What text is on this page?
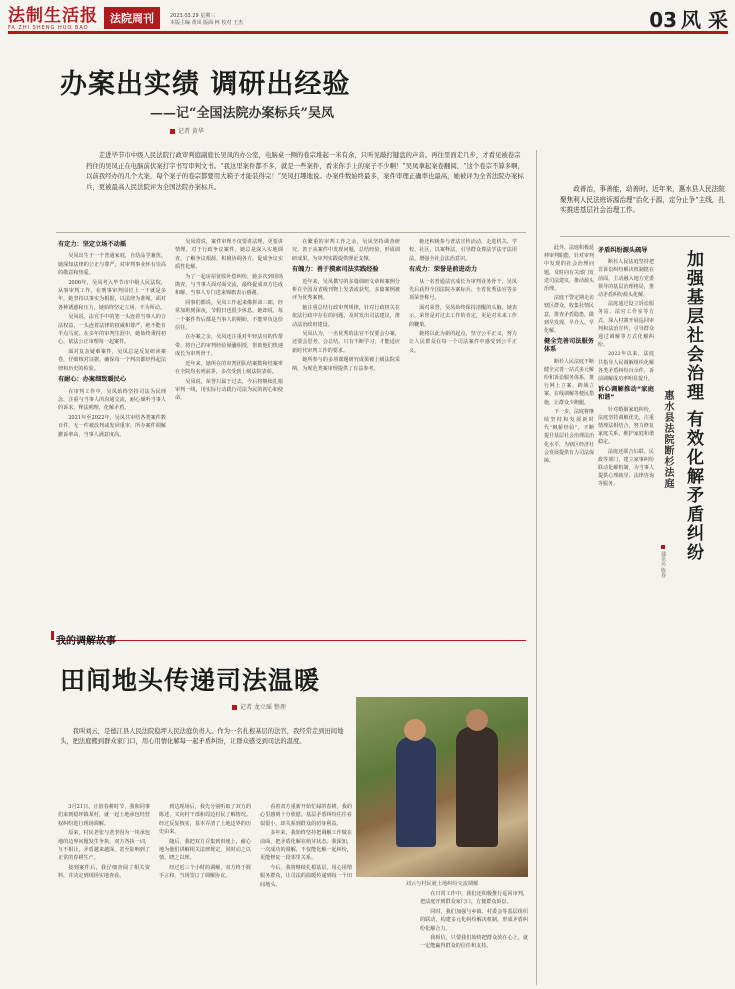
法制生活报
FA ZHI SHENG HUO BAO
法院周刊	2023.03.29 星期三
本版主编 黄凤 版面 柯 校对 王杰	03 风 采
办案出实绩 调研出经验
——记“全国法院办案标兵”吴凤
记者 黄华
走进毕节市中级人民法院行政审判庭副庭长吴凤的办公室，电脑桌一侧的卷宗堆起一米有余，只听见敲打键盘的声音。再往里面走几步，才看见被卷宗挡住的吴凤正在电脑前伏案打字书写审判文书。“我这里案件都不多，就是一些案件，看来你手上的案子不少啊！”吴凤拿起案卷翻阅，“这个卷宗不算多啊，以前我经办的几个大案，每个案子的卷宗都要用大箱子才能装得完！”吴凤打趣地说。办案件数始终最多，案件审理正确率也最高，她被评为全省法院办案标兵，更被最高人民法院评为全国法院办案标兵。
有定力：坚定立场不动摇

吴凤出生于一个普通家庭，自幼品学兼优。她深知法律的公正与尊严，对审判事业怀有崇高的敬意和热爱。

2006年，吴凤考入毕节市中级人民法院，从事审判工作。在刑事审判岗位上一干就是多年，她坚持以事实为根据，以法律为准绳。面对各种诱惑和压力，她始终坚定立场，不为所动。

吴凤说，法官手中的笔一头连着当事人的合法权益，一头连着法律的权威和尊严，绝不能有半点马虎。在多年的审判生涯中，她始终秉持初心，依法公正审理每一起案件。

面对复杂疑难案件，吴凤总是反复研读案卷，仔细核对证据，确保每一个判决都经得起法律和历史的检验。

有耐心：办案细致暖民心

在审判工作中，吴凤始终坚持司法为民理念，注重与当事人的沟通交流，耐心倾听当事人的诉求，释法明理，化解矛盾。

2021年至2022年，吴凤共审结各类案件数百件，无一件被改判或发回重审，所办案件调解撤诉率高，当事人满意度高。

吴凤常说，案件审理不仅要讲法理，更要讲情理。对于行政争议案件，她总是深入实地调查，了解争议根源，积极协调各方，促成争议实质性化解。

为了一起房屋征收补偿纠纷，她多次到现场勘查，与当事人面对面交流，最终促成双方达成和解，当事人专门送来锦旗表示感谢。

同事们都说，吴凤工作起来像拼命三郎，经常加班到深夜，节假日也很少休息。她却说，每一个案件背后都是当事人的期盼，不能辜负这份信任。

在办案之余，吴凤还注重对年轻法官的传帮带，将自己的审判经验倾囊相授，帮助他们快速成长为审判骨干。

近年来，她所在的审判团队结案数和结案率在全院均名列前茅，多次受到上级法院表彰。

吴凤说，荣誉只属于过去，今后将继续扎根审判一线，用实际行动践行司法为民的初心和使命。

在繁重的审判工作之余，吴凤坚持调查研究，善于从案件中发现问题，总结经验，形成调研成果，为审判实践提供理论支撑。

有魄力：善于摸索司法实践经验

近年来，吴凤撰写的多篇调研文章和案例分析在全国及省级刊物上发表或获奖，多篇案例被评为优秀案例。

她注重总结行政审判规律，针对行政机关在依法行政中存在的问题，及时发出司法建议，推动法治政府建设。

吴凤认为，一名优秀的法官不仅要会办案，还要会思考、会总结。只有不断学习，才能适应新时代审判工作的要求。

她所参与的多项课题研究成果被上级法院采纳，为规范类案审理提供了有益参考。

她还积极参与普法宣传活动，走进机关、学校、社区，以案释法，引导群众尊法学法守法用法，增强全社会法治意识。

有成力：荣誉是前进动力

从一名普通法官成长为审判业务骨干，吴凤先后获得全国法院办案标兵、全省优秀法官等多项荣誉称号。

面对荣誉，吴凤始终保持清醒的头脑，她表示，荣誉是对过去工作的肯定，更是对未来工作的鞭策。

她将以此为新的起点，坚守公平正义，努力让人民群众在每一个司法案件中感受到公平正义。

我的调解故事
田间地头传递司法温暖
记者 龙立瑶 整理
我叫刘云，是德江县人民法院稳坪人民法庭负责人。作为一名扎根基层的法官，我经常走到田间地头，把法庭搬到群众家门口，用心用情化解每一起矛盾纠纷，让群众感受到司法的温度。
刘云与村民就土地纠纷交流调解

3月21日，正值春耕时节，我和同事们来到稳坪镇某村，就一起土地承包经营权纠纷进行现场调解。

原来，村民老张与老李因为一块承包地的边界问题发生争执，双方各执一词，互不相让，矛盾越来越深，甚至影响到了正常的春耕生产。

接到案件后，我仔细查阅了相关资料，并决定到现场实地查看。

到达现场后，我先分别听取了双方的陈述，又向村干部和周边村民了解情况。经过反复核实，基本弄清了土地边界的历史由来。

随后，我把双方召集到田埂上，耐心地为他们讲解相关法律规定，同时动之以情、晓之以理。

经过近三个小时的调解，双方终于握手言和，当场签订了调解协议。

看着双方重新开始忙碌的春耕，我的心里感到十分欣慰。基层矛盾纠纷往往看似很小，却关系到群众的切身利益。

多年来，我始终坚持把调解工作做在前面，把矛盾化解在萌芽状态。我深知，一次成功的调解，不仅能化解一起纠纷，更能修复一段邻里关系。

今后，我将继续扎根基层，用心用情服务群众，让司法的温暖传递到每一个田间地头。

在日常工作中，我们还积极推行巡回审判，把法庭开到群众家门口，方便群众诉讼。

同时，我们加强与乡镇、村委会等基层组织的联动，构建多元化纠纷解决机制，形成矛盾纠纷化解合力。

我相信，只要我们始终把群众放在心上，就一定能赢得群众的信任和支持。

政善治，事善能，动善时。近年来，惠水县人民法院聚焦利人民法庭诉源治理“治化于源，定分止争”主线，扎实推进基层社会治理工作。
加强基层社会治理 有效化解矛盾纠纷
惠水县法院断杉法庭
通讯员 陈春
矛盾纠纷源头疏导

断杉人民法庭坚持把非诉讼纠纷解决机制挺在前面，主动融入地方党委领导的基层治理格局，推动矛盾纠纷源头化解。

法庭通过设立诉讼服务站、法官工作室等方式，深入村寨开展巡回审判和法治宣传，引导群众通过调解等方式化解纠纷。

2022年以来，法庭共指导人民调解组织化解各类矛盾纠纷百余件，诉前调解成功率明显提升。

诉心调解推动“家庭和谐”

针对婚姻家庭纠纷，法庭坚持调解优先，注重情理法相结合，努力修复家庭关系，维护家庭和谐稳定。

法庭还联合妇联、民政等部门，建立家事纠纷联动化解机制，为当事人提供心理疏导、法律咨询等服务。

此外，法庭积极延伸审判职能，针对审判中发现的社会治理问题，及时向有关部门发送司法建议，推动源头治理。

法庭干警定期走访辖区群众，收集社情民意，排查矛盾隐患，做到早发现、早介入、早化解。

健全完善司法服务体系

断杉人民法庭不断健全完善一站式多元解纷和诉讼服务体系，推行网上立案、跨域立案、在线调解等便民措施，让群众少跑腿。

下一步，法庭将继续坚持和发展新时代“枫桥经验”，不断提升基层社会治理法治化水平，为辖区经济社会发展提供有力司法保障。
